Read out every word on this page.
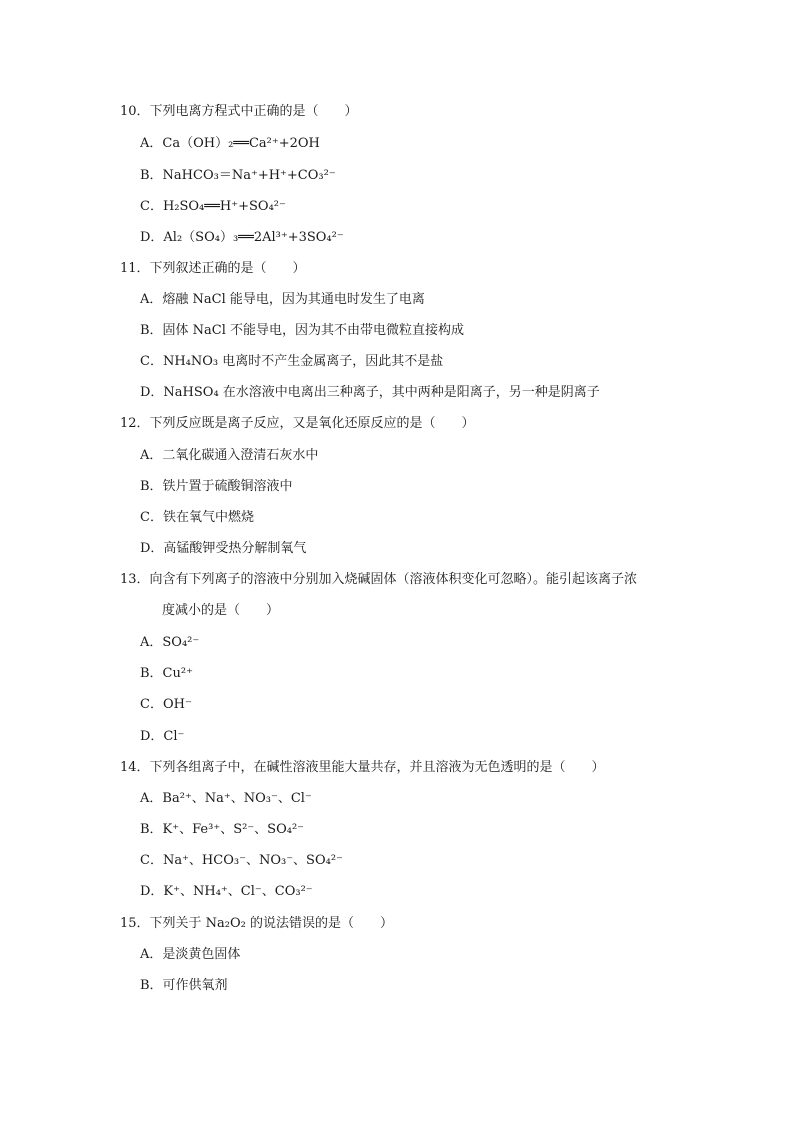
10．下列电离方程式中正确的是（　　）
A．Ca（OH）₂══Ca²⁺+2OH
B．NaHCO₃＝Na⁺+H⁺+CO₃²⁻
C．H₂SO₄══H⁺+SO₄²⁻
D．Al₂（SO₄）₃══2Al³⁺+3SO₄²⁻
11．下列叙述正确的是（　　）
A．熔融 NaCl 能导电，因为其通电时发生了电离
B．固体 NaCl 不能导电，因为其不由带电微粒直接构成
C．NH₄NO₃ 电离时不产生金属离子，因此其不是盐
D．NaHSO₄ 在水溶液中电离出三种离子，其中两种是阳离子，另一种是阴离子
12．下列反应既是离子反应，又是氧化还原反应的是（　　）
A．二氧化碳通入澄清石灰水中
B．铁片置于硫酸铜溶液中
C．铁在氧气中燃烧
D．高锰酸钾受热分解制氧气
13．向含有下列离子的溶液中分别加入烧碱固体（溶液体积变化可忽略）。能引起该离子浓
度减小的是（　　）
A．SO₄²⁻
B．Cu²⁺
C．OH⁻
D．Cl⁻
14．下列各组离子中，在碱性溶液里能大量共存，并且溶液为无色透明的是（　　）
A．Ba²⁺、Na⁺、NO₃⁻、Cl⁻
B．K⁺、Fe³⁺、S²⁻、SO₄²⁻
C．Na⁺、HCO₃⁻、NO₃⁻、SO₄²⁻
D．K⁺、NH₄⁺、Cl⁻、CO₃²⁻
15．下列关于 Na₂O₂ 的说法错误的是（　　）
A．是淡黄色固体
B．可作供氧剂
